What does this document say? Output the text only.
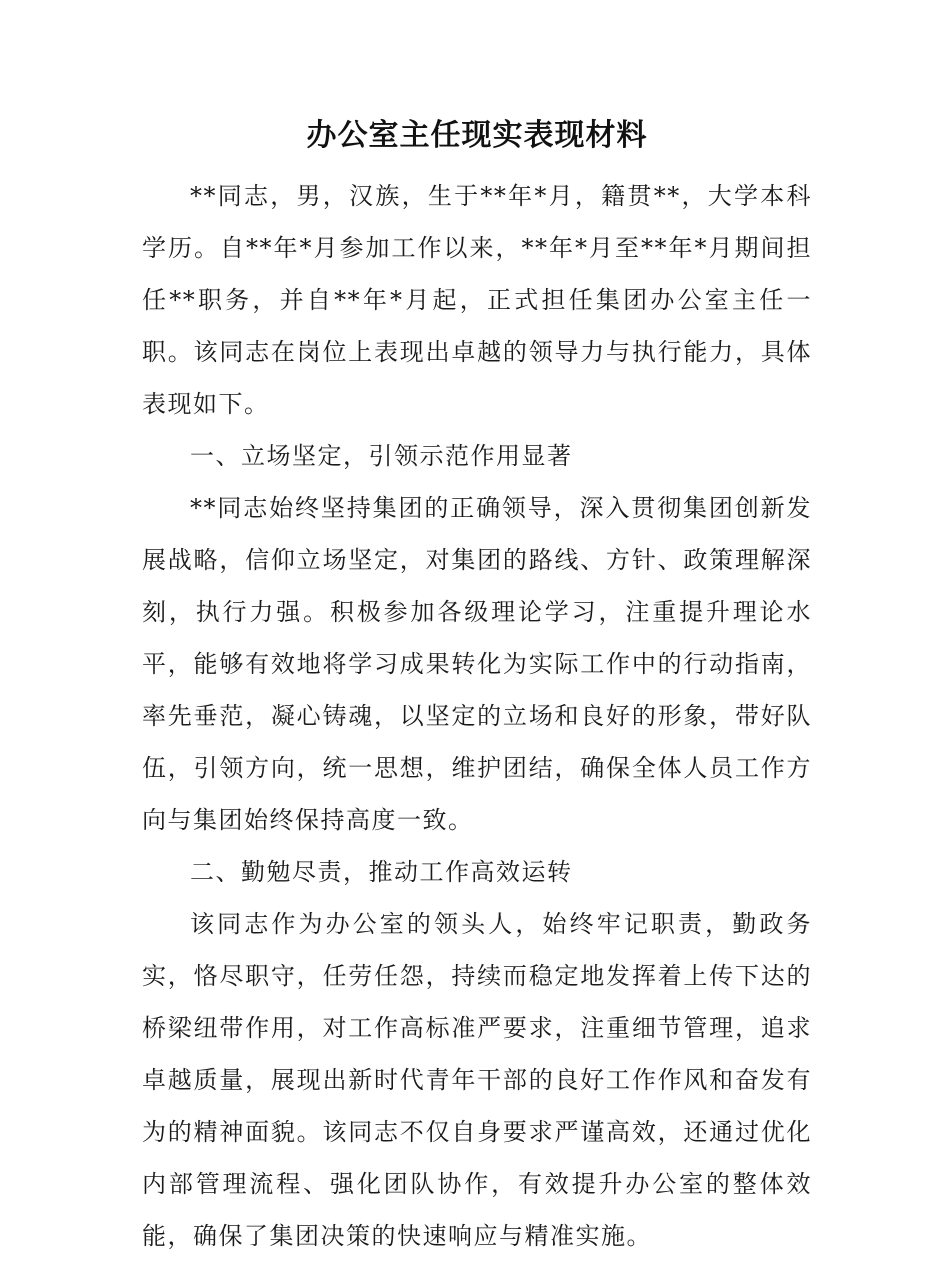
办公室主任现实表现材料

**同志，男，汉族，生于**年*月，籍贯**，大学本科学历。自**年*月参加工作以来，**年*月至**年*月期间担任**职务，并自**年*月起，正式担任集团办公室主任一职。该同志在岗位上表现出卓越的领导力与执行能力，具体表现如下。

一、立场坚定，引领示范作用显著

**同志始终坚持集团的正确领导，深入贯彻集团创新发展战略，信仰立场坚定，对集团的路线、方针、政策理解深刻，执行力强。积极参加各级理论学习，注重提升理论水平，能够有效地将学习成果转化为实际工作中的行动指南，率先垂范，凝心铸魂，以坚定的立场和良好的形象，带好队伍，引领方向，统一思想，维护团结，确保全体人员工作方向与集团始终保持高度一致。

二、勤勉尽责，推动工作高效运转

该同志作为办公室的领头人，始终牢记职责，勤政务实，恪尽职守，任劳任怨，持续而稳定地发挥着上传下达的桥梁纽带作用，对工作高标准严要求，注重细节管理，追求卓越质量，展现出新时代青年干部的良好工作作风和奋发有为的精神面貌。该同志不仅自身要求严谨高效，还通过优化内部管理流程、强化团队协作，有效提升办公室的整体效能，确保了集团决策的快速响应与精准实施。
